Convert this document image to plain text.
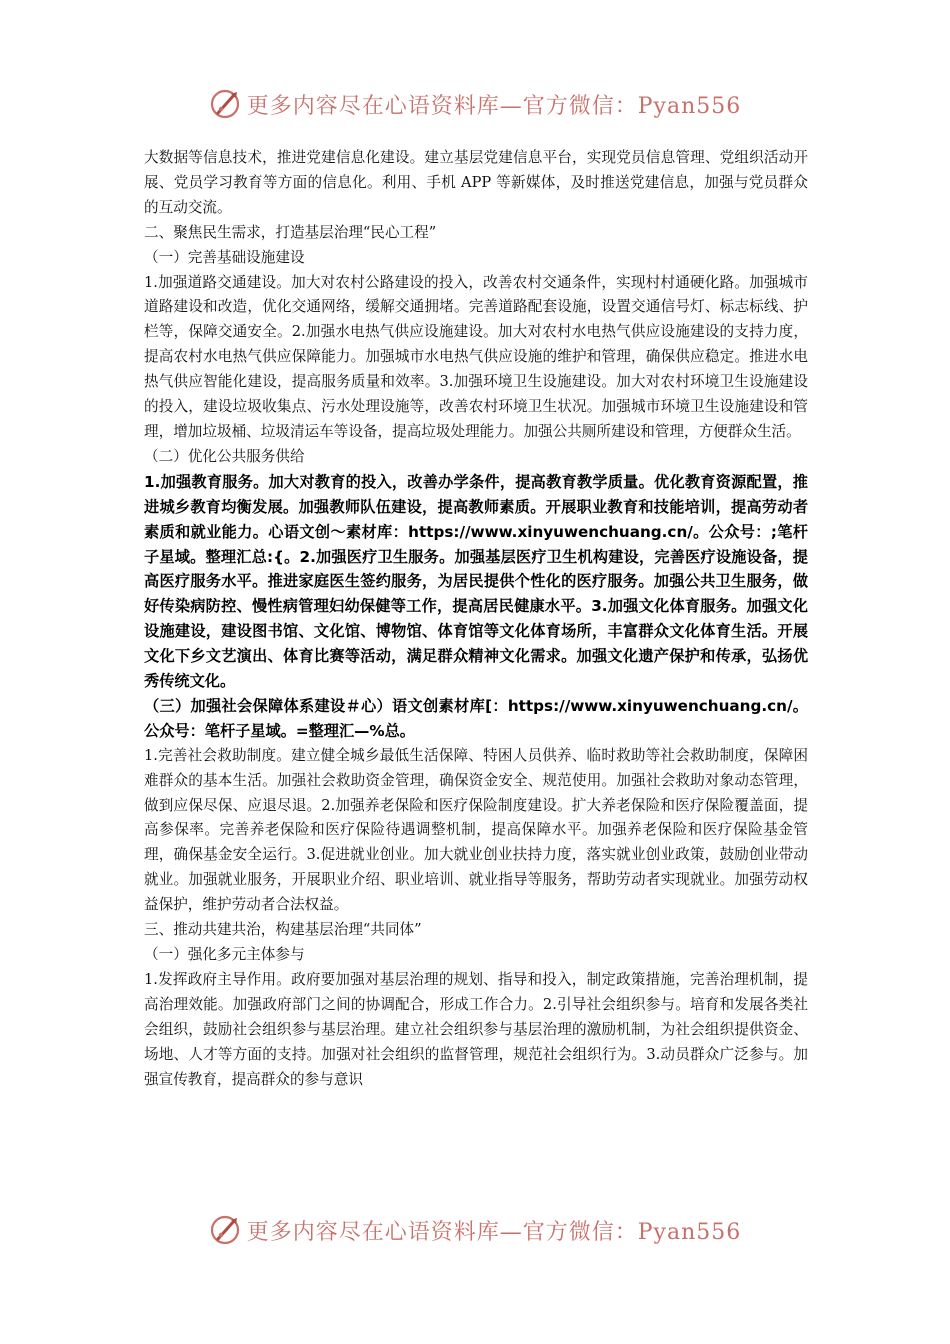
更多内容尽在心语资料库—官方微信：Pyan556

大数据等信息技术，推进党建信息化建设。建立基层党建信息平台，实现党员信息管理、党组织活动开展、党员学习教育等方面的信息化。利用、手机 APP 等新媒体，及时推送党建信息，加强与党员群众的互动交流。

二、聚焦民生需求，打造基层治理“民心工程”

（一）完善基础设施建设

1.加强道路交通建设。加大对农村公路建设的投入，改善农村交通条件，实现村村通硬化路。加强城市道路建设和改造，优化交通网络，缓解交通拥堵。完善道路配套设施，设置交通信号灯、标志标线、护栏等，保障交通安全。2.加强水电热气供应设施建设。加大对农村水电热气供应设施建设的支持力度，提高农村水电热气供应保障能力。加强城市水电热气供应设施的维护和管理，确保供应稳定。推进水电热气供应智能化建设，提高服务质量和效率。3.加强环境卫生设施建设。加大对农村环境卫生设施建设的投入，建设垃圾收集点、污水处理设施等，改善农村环境卫生状况。加强城市环境卫生设施建设和管理，增加垃圾桶、垃圾清运车等设备，提高垃圾处理能力。加强公共厕所建设和管理，方便群众生活。

（二）优化公共服务供给

1.加强教育服务。加大对教育的投入，改善办学条件，提高教育教学质量。优化教育资源配置，推进城乡教育均衡发展。加强教师队伍建设，提高教师素质。开展职业教育和技能培训，提高劳动者素质和就业能力。心语文创～素材库：https://www.xinyuwenchuang.cn/。公众号：;笔杆子星域。整理汇总:{。2.加强医疗卫生服务。加强基层医疗卫生机构建设，完善医疗设施设备，提高医疗服务水平。推进家庭医生签约服务，为居民提供个性化的医疗服务。加强公共卫生服务，做好传染病防控、慢性病管理妇幼保健等工作，提高居民健康水平。3.加强文化体育服务。加强文化设施建设，建设图书馆、文化馆、博物馆、体育馆等文化体育场所，丰富群众文化体育生活。开展文化下乡文艺演出、体育比赛等活动，满足群众精神文化需求。加强文化遗产保护和传承，弘扬优秀传统文化。

（三）加强社会保障体系建设＃心）语文创素材库[：https://www.xinyuwenchuang.cn/。公众号：笔杆子星域。=整理汇—%总。

1.完善社会救助制度。建立健全城乡最低生活保障、特困人员供养、临时救助等社会救助制度，保障困难群众的基本生活。加强社会救助资金管理，确保资金安全、规范使用。加强社会救助对象动态管理，做到应保尽保、应退尽退。2.加强养老保险和医疗保险制度建设。扩大养老保险和医疗保险覆盖面，提高参保率。完善养老保险和医疗保险待遇调整机制，提高保障水平。加强养老保险和医疗保险基金管理，确保基金安全运行。3.促进就业创业。加大就业创业扶持力度，落实就业创业政策，鼓励创业带动就业。加强就业服务，开展职业介绍、职业培训、就业指导等服务，帮助劳动者实现就业。加强劳动权益保护，维护劳动者合法权益。

三、推动共建共治，构建基层治理“共同体”

（一）强化多元主体参与

1.发挥政府主导作用。政府要加强对基层治理的规划、指导和投入，制定政策措施，完善治理机制，提高治理效能。加强政府部门之间的协调配合，形成工作合力。2.引导社会组织参与。培育和发展各类社会组织，鼓励社会组织参与基层治理。建立社会组织参与基层治理的激励机制，为社会组织提供资金、场地、人才等方面的支持。加强对社会组织的监督管理，规范社会组织行为。3.动员群众广泛参与。加强宣传教育，提高群众的参与意识

更多内容尽在心语资料库—官方微信：Pyan556
